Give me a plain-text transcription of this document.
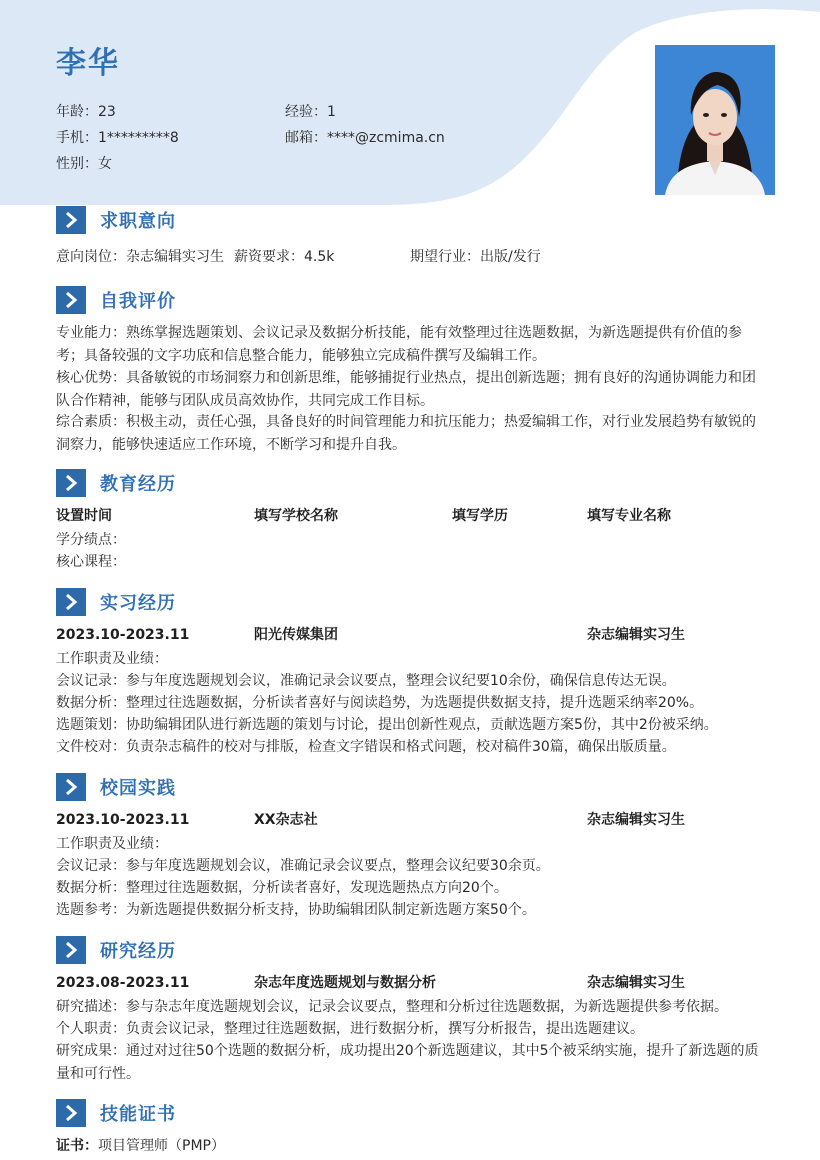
李华
年龄：23	经验：1
手机：1*********8	邮箱：****@zcmima.cn
性别：女
求职意向
意向岗位：杂志编辑实习生 薪资要求：4.5k	期望行业：出版/发行
自我评价
专业能力：熟练掌握选题策划、会议记录及数据分析技能，能有效整理过往选题数据，为新选题提供有价值的参考；具备较强的文字功底和信息整合能力，能够独立完成稿件撰写及编辑工作。
核心优势：具备敏锐的市场洞察力和创新思维，能够捕捉行业热点，提出创新选题；拥有良好的沟通协调能力和团队合作精神，能够与团队成员高效协作，共同完成工作目标。
综合素质：积极主动，责任心强，具备良好的时间管理能力和抗压能力；热爱编辑工作，对行业发展趋势有敏锐的洞察力，能够快速适应工作环境，不断学习和提升自我。
教育经历
设置时间	填写学校名称	填写学历	填写专业名称
学分绩点：
核心课程：
实习经历
2023.10-2023.11	阳光传媒集团	杂志编辑实习生
工作职责及业绩：
会议记录：参与年度选题规划会议，准确记录会议要点，整理会议纪要10余份，确保信息传达无误。
数据分析：整理过往选题数据，分析读者喜好与阅读趋势，为选题提供数据支持，提升选题采纳率20%。
选题策划：协助编辑团队进行新选题的策划与讨论，提出创新性观点，贡献选题方案5份，其中2份被采纳。
文件校对：负责杂志稿件的校对与排版，检查文字错误和格式问题，校对稿件30篇，确保出版质量。
校园实践
2023.10-2023.11	XX杂志社	杂志编辑实习生
工作职责及业绩：
会议记录：参与年度选题规划会议，准确记录会议要点，整理会议纪要30余页。
数据分析：整理过往选题数据，分析读者喜好，发现选题热点方向20个。
选题参考：为新选题提供数据分析支持，协助编辑团队制定新选题方案50个。
研究经历
2023.08-2023.11	杂志年度选题规划与数据分析	杂志编辑实习生
研究描述：参与杂志年度选题规划会议，记录会议要点，整理和分析过往选题数据，为新选题提供参考依据。
个人职责：负责会议记录，整理过往选题数据，进行数据分析，撰写分析报告，提出选题建议。
研究成果：通过对过往50个选题的数据分析，成功提出20个新选题建议，其中5个被采纳实施，提升了新选题的质量和可行性。
技能证书
证书：项目管理师（PMP）
